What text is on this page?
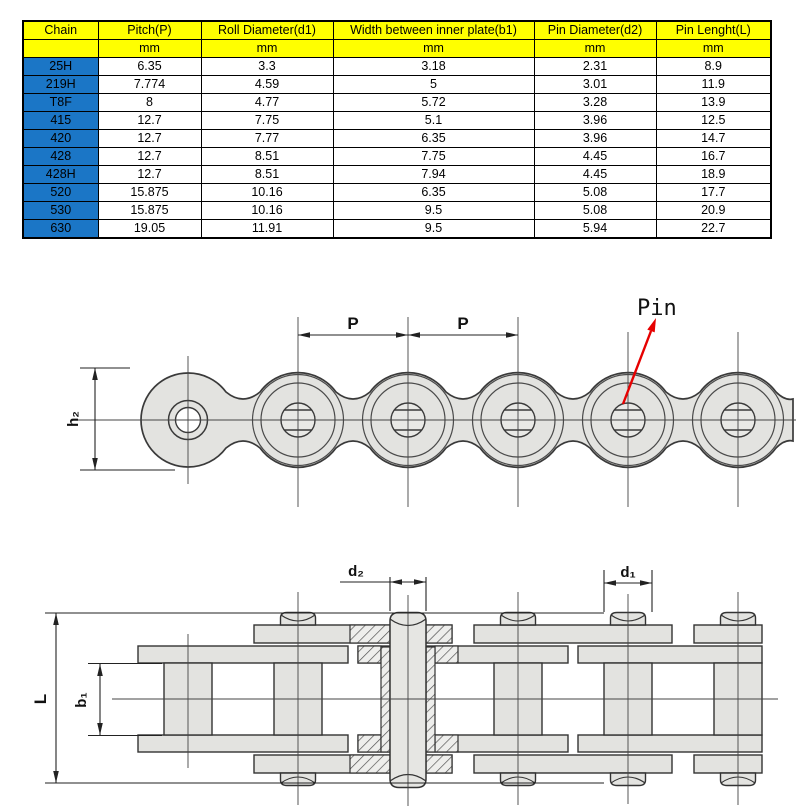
P	P
h₂
Pin
L b₁
d₂	d₁
Chain	Pitch(P)	Roll Diameter(d1)	Width between inner plate(b1)	Pin Diameter(d2)	Pin Lenght(L)
	mm	mm	mm	mm	mm
25H	6.35	3.3	3.18	2.31	8.9
219H	7.774	4.59	5	3.01	11.9
T8F	8	4.77	5.72	3.28	13.9
415	12.7	7.75	5.1	3.96	12.5
420	12.7	7.77	6.35	3.96	14.7
428	12.7	8.51	7.75	4.45	16.7
428H	12.7	8.51	7.94	4.45	18.9
520	15.875	10.16	6.35	5.08	17.7
530	15.875	10.16	9.5	5.08	20.9
630	19.05	11.91	9.5	5.94	22.7
